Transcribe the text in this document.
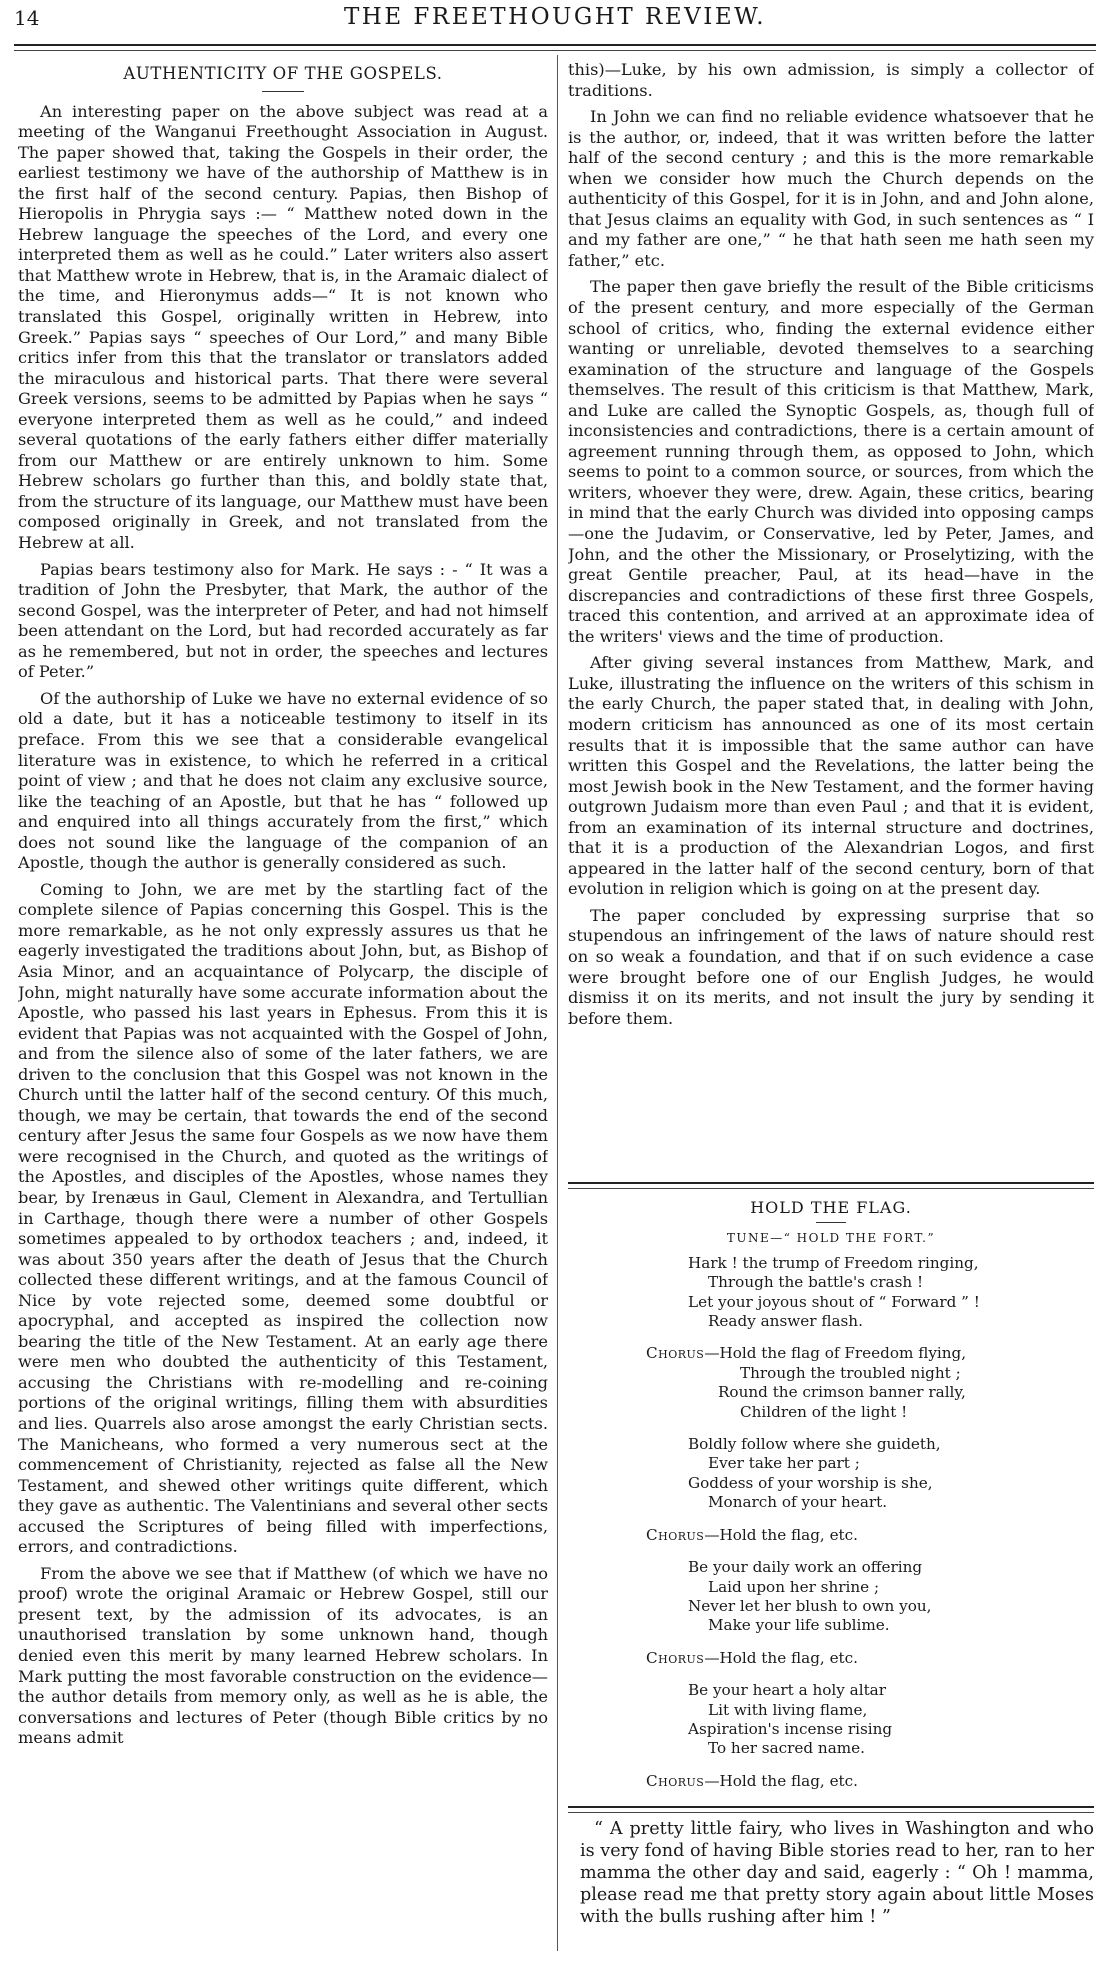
14	THE FREETHOUGHT REVIEW.
AUTHENTICITY OF THE GOSPELS.

An interesting paper on the above subject was read at a meeting of the Wanganui Freethought Association in August. The paper showed that, taking the Gospels in their order, the earliest testimony we have of the authorship of Matthew is in the first half of the second century. Papias, then Bishop of Hieropolis in Phrygia says :— “ Matthew noted down in the Hebrew language the speeches of the Lord, and every one interpreted them as well as he could.” Later writers also assert that Matthew wrote in Hebrew, that is, in the Aramaic dialect of the time, and Hieronymus adds—“ It is not known who translated this Gospel, originally written in Hebrew, into Greek.” Papias says “ speeches of Our Lord,” and many Bible critics infer from this that the translator or translators added the miraculous and historical parts. That there were several Greek versions, seems to be admitted by Papias when he says “ everyone interpreted them as well as he could,” and indeed several quotations of the early fathers either differ materially from our Matthew or are entirely unknown to him. Some Hebrew scholars go further than this, and boldly state that, from the structure of its language, our Matthew must have been composed originally in Greek, and not translated from the Hebrew at all.

Papias bears testimony also for Mark. He says : - “ It was a tradition of John the Presbyter, that Mark, the author of the second Gospel, was the interpreter of Peter, and had not himself been attendant on the Lord, but had recorded accurately as far as he remembered, but not in order, the speeches and lectures of Peter.”

Of the authorship of Luke we have no external evidence of so old a date, but it has a noticeable testimony to itself in its preface. From this we see that a considerable evangelical literature was in existence, to which he referred in a critical point of view ; and that he does not claim any exclusive source, like the teaching of an Apostle, but that he has “ followed up and enquired into all things accurately from the first,” which does not sound like the language of the companion of an Apostle, though the author is generally considered as such.

Coming to John, we are met by the startling fact of the complete silence of Papias concerning this Gospel. This is the more remarkable, as he not only expressly assures us that he eagerly investigated the traditions about John, but, as Bishop of Asia Minor, and an acquaintance of Polycarp, the disciple of John, might naturally have some accurate information about the Apostle, who passed his last years in Ephesus. From this it is evident that Papias was not acquainted with the Gospel of John, and from the silence also of some of the later fathers, we are driven to the conclusion that this Gospel was not known in the Church until the latter half of the second century. Of this much, though, we may be certain, that towards the end of the second century after Jesus the same four Gospels as we now have them were recognised in the Church, and quoted as the writings of the Apostles, and disciples of the Apostles, whose names they bear, by Irenæus in Gaul, Clement in Alexandra, and Tertullian in Carthage, though there were a number of other Gospels sometimes appealed to by orthodox teachers ; and, indeed, it was about 350 years after the death of Jesus that the Church collected these different writings, and at the famous Council of Nice by vote rejected some, deemed some doubtful or apocryphal, and accepted as inspired the collection now bearing the title of the New Testament. At an early age there were men who doubted the authenticity of this Testament, accusing the Christians with re-modelling and re-coining portions of the original writings, filling them with absurdities and lies. Quarrels also arose amongst the early Christian sects. The Manicheans, who formed a very numerous sect at the commencement of Christianity, rejected as false all the New Testament, and shewed other writings quite different, which they gave as authentic. The Valentinians and several other sects accused the Scriptures of being filled with imperfections, errors, and contradictions.

From the above we see that if Matthew (of which we have no proof) wrote the original Aramaic or Hebrew Gospel, still our present text, by the admission of its advocates, is an unauthorised translation by some unknown hand, though denied even this merit by many learned Hebrew scholars. In Mark putting the most favorable construction on the evidence—the author details from memory only, as well as he is able, the conversations and lectures of Peter (though Bible critics by no means admit

this)—Luke, by his own admission, is simply a collector of traditions.

In John we can find no reliable evidence whatsoever that he is the author, or, indeed, that it was written before the latter half of the second century ; and this is the more remarkable when we consider how much the Church depends on the authenticity of this Gospel, for it is in John, and and John alone, that Jesus claims an equality with God, in such sentences as “ I and my father are one,” “ he that hath seen me hath seen my father,” etc.

The paper then gave briefly the result of the Bible criticisms of the present century, and more especially of the German school of critics, who, finding the external evidence either wanting or unreliable, devoted themselves to a searching examination of the structure and language of the Gospels themselves. The result of this criticism is that Matthew, Mark, and Luke are called the Synoptic Gospels, as, though full of inconsistencies and contradictions, there is a certain amount of agreement running through them, as opposed to John, which seems to point to a common source, or sources, from which the writers, whoever they were, drew. Again, these critics, bearing in mind that the early Church was divided into opposing camps—one the Judavim, or Conservative, led by Peter, James, and John, and the other the Missionary, or Proselytizing, with the great Gentile preacher, Paul, at its head—have in the discrepancies and contradictions of these first three Gospels, traced this contention, and arrived at an approximate idea of the writers' views and the time of production.

After giving several instances from Matthew, Mark, and Luke, illustrating the influence on the writers of this schism in the early Church, the paper stated that, in dealing with John, modern criticism has announced as one of its most certain results that it is impossible that the same author can have written this Gospel and the Revelations, the latter being the most Jewish book in the New Testament, and the former having outgrown Judaism more than even Paul ; and that it is evident, from an examination of its internal structure and doctrines, that it is a production of the Alexandrian Logos, and first appeared in the latter half of the second century, born of that evolution in religion which is going on at the present day.

The paper concluded by expressing surprise that so stupendous an infringement of the laws of nature should rest on so weak a foundation, and that if on such evidence a case were brought before one of our English Judges, he would dismiss it on its merits, and not insult the jury by sending it before them.

HOLD THE FLAG.
TUNE—“ HOLD THE FORT.”
Hark ! the trump of Freedom ringing,
Through the battle's crash !
Let your joyous shout of “ Forward ” !
Ready answer flash.
Chorus—Hold the flag of Freedom flying,
Through the troubled night ;
Round the crimson banner rally,
Children of the light !
Boldly follow where she guideth,
Ever take her part ;
Goddess of your worship is she,
Monarch of your heart.
Chorus—Hold the flag, etc.
Be your daily work an offering
Laid upon her shrine ;
Never let her blush to own you,
Make your life sublime.
Chorus—Hold the flag, etc.
Be your heart a holy altar
Lit with living flame,
Aspiration's incense rising
To her sacred name.
Chorus—Hold the flag, etc.

“ A pretty little fairy, who lives in Washington and who is very fond of having Bible stories read to her, ran to her mamma the other day and said, eagerly : “ Oh ! mamma, please read me that pretty story again about little Moses with the bulls rushing after him ! ”
